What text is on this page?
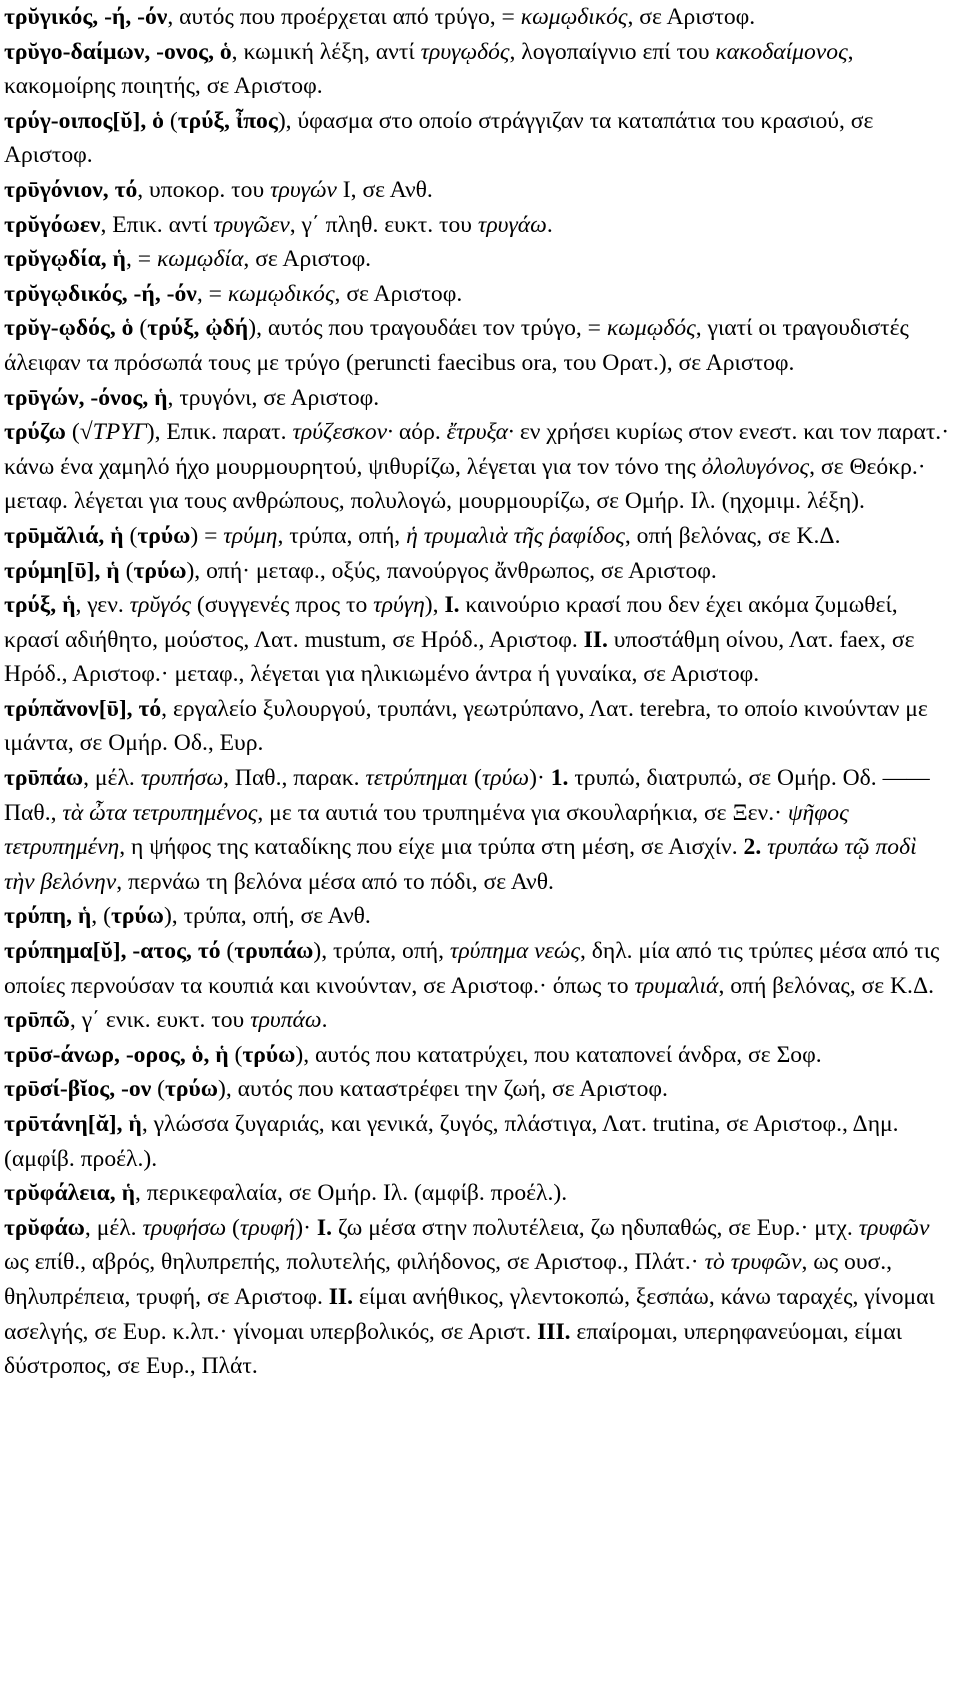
τρῠγικός, -ή, -όν, αυτός που προέρχεται από τρύγο, = κωμῳδικός, σε Αριστοφ.

τρῠγο-δαίμων, -ονος, ὁ, κωμική λέξη, αντί τρυγῳδός, λογοπαίγνιο επί του κακοδαίμονος, κακομοίρης ποιητής, σε Αριστοφ.

τρύγ-οιπος[ῠ], ὁ (τρύξ, ἶπος), ύφασμα στο οποίο στράγγιζαν τα καταπάτια του κρασιού, σε Αριστοφ.

τρῡγόνιον, τό, υποκορ. του τρυγών I, σε Ανθ.

τρῠγόωεν, Επικ. αντί τρυγῶεν, γ΄ πληθ. ευκτ. του τρυγάω.

τρῠγῳδία, ἡ, = κωμῳδία, σε Αριστοφ.

τρῠγῳδικός, -ή, -όν, = κωμῳδικός, σε Αριστοφ.

τρῠγ-ῳδός, ὁ (τρύξ, ᾠδή), αυτός που τραγουδάει τον τρύγο, = κωμῳδός, γιατί οι τραγουδιστές άλειφαν τα πρόσωπά τους με τρύγο (peruncti faecibus ora, του Ορατ.), σε Αριστοφ.

τρῡγών, -όνος, ἡ, τρυγόνι, σε Αριστοφ.

τρύζω (√ΤΡΥΓ), Επικ. παρατ. τρύζεσκον· αόρ. ἔτρυξα· εν χρήσει κυρίως στον ενεστ. και τον παρατ.· κάνω ένα χαμηλό ήχο μουρμουρητού, ψιθυρίζω, λέγεται για τον τόνο της ὀλολυγόνος, σε Θεόκρ.· μεταφ. λέγεται για τους ανθρώπους, πολυλογώ, μουρμουρίζω, σε Ομήρ. Ιλ. (ηχομιμ. λέξη).

τρῡμᾰλιά, ἡ (τρύω) = τρύμη, τρύπα, οπή, ἡ τρυμαλιὰ τῆς ῥαφίδος, οπή βελόνας, σε Κ.Δ.

τρύμη[ῡ], ἡ (τρύω), οπή· μεταφ., οξύς, πανούργος ἄνθρωπος, σε Αριστοφ.

τρύξ, ἡ, γεν. τρῠγός (συγγενές προς το τρύγη), I. καινούριο κρασί που δεν έχει ακόμα ζυμωθεί, κρασί αδιήθητο, μούστος, Λατ. mustum, σε Ηρόδ., Αριστοφ. II. υποστάθμη οίνου, Λατ. faex, σε Ηρόδ., Αριστοφ.· μεταφ., λέγεται για ηλικιωμένο άντρα ή γυναίκα, σε Αριστοφ.

τρύπᾰνον[ῡ], τό, εργαλείο ξυλουργού, τρυπάνι, γεωτρύπανο, Λατ. terebra, το οποίο κινούνταν με ιμάντα, σε Ομήρ. Οδ., Ευρ.

τρῡπάω, μέλ. τρυπήσω, Παθ., παρακ. τετρύπημαι (τρύω)· 1. τρυπώ, διατρυπώ, σε Ομήρ. Οδ. ―― Παθ., τὰ ὦτα τετρυπημένος, με τα αυτιά του τρυπημένα για σκουλαρήκια, σε Ξεν.· ψῆφος τετρυπημένη, η ψήφος της καταδίκης που είχε μια τρύπα στη μέση, σε Αισχίν. 2. τρυπάω τῷ ποδὶ τὴν βελόνην, περνάω τη βελόνα μέσα από το πόδι, σε Ανθ.

τρύπη, ἡ, (τρύω), τρύπα, οπή, σε Ανθ.

τρύπημα[ῠ], -ατος, τό (τρυπάω), τρύπα, οπή, τρύπημα νεώς, δηλ. μία από τις τρύπες μέσα από τις οποίες περνούσαν τα κουπιά και κινούνταν, σε Αριστοφ.· όπως το τρυμαλιά, οπή βελόνας, σε Κ.Δ.

τρῡπῶ, γ΄ ενικ. ευκτ. του τρυπάω.

τρῡσ-άνωρ, -ορος, ὁ, ἡ (τρύω), αυτός που κατατρύχει, που καταπονεί άνδρα, σε Σοφ.

τρῡσί-βῐος, -ον (τρύω), αυτός που καταστρέφει την ζωή, σε Αριστοφ.

τρῡτάνη[ᾰ], ἡ, γλώσσα ζυγαριάς, και γενικά, ζυγός, πλάστιγα, Λατ. trutina, σε Αριστοφ., Δημ. (αμφίβ. προέλ.).

τρῠφάλεια, ἡ, περικεφαλαία, σε Ομήρ. Ιλ. (αμφίβ. προέλ.).

τρῠφάω, μέλ. τρυφήσω (τρυφή)· I. ζω μέσα στην πολυτέλεια, ζω ηδυπαθώς, σε Ευρ.· μτχ. τρυφῶν ως επίθ., αβρός, θηλυπρεπής, πολυτελής, φιλήδονος, σε Αριστοφ., Πλάτ.· τὸ τρυφῶν, ως ουσ., θηλυπρέπεια, τρυφή, σε Αριστοφ. II. είμαι ανήθικος, γλεντοκοπώ, ξεσπάω, κάνω ταραχές, γίνομαι ασελγής, σε Ευρ. κ.λπ.· γίνομαι υπερβολικός, σε Αριστ. III. επαίρομαι, υπερηφανεύομαι, είμαι δύστροπος, σε Ευρ., Πλάτ.
